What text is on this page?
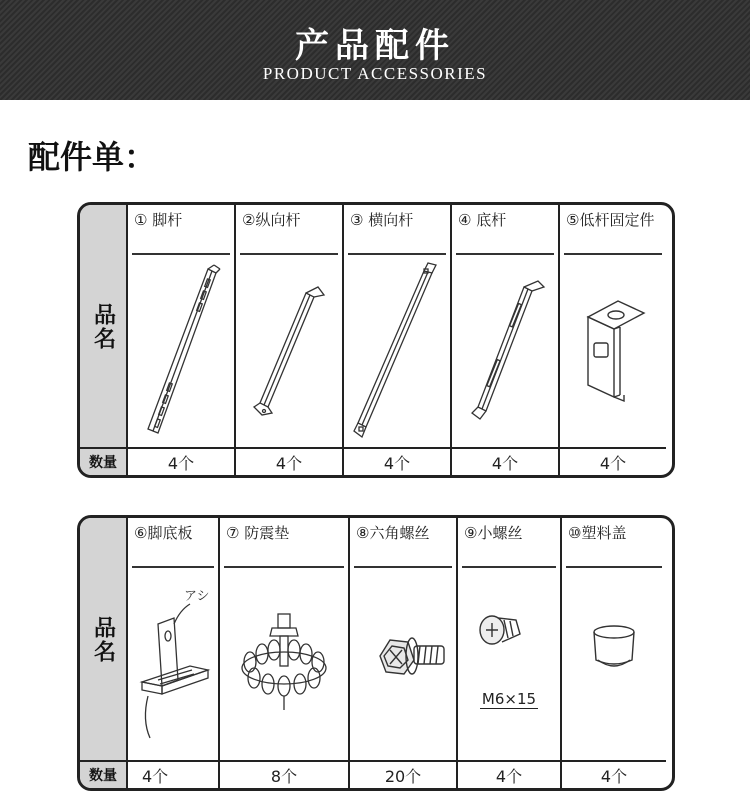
产品配件
PRODUCT ACCESSORIES
配件单：
品名
数量
① 脚杆
4个
②纵向杆
4个
③ 横向杆
4个
④ 底杆
4个
⑤低杆固定件
4个
品名
数量
⑥脚底板
アシ
4个
⑦ 防震垫
8个
⑧六角螺丝
20个
⑨小螺丝
M6×15
4个
⑩塑料盖
4个
